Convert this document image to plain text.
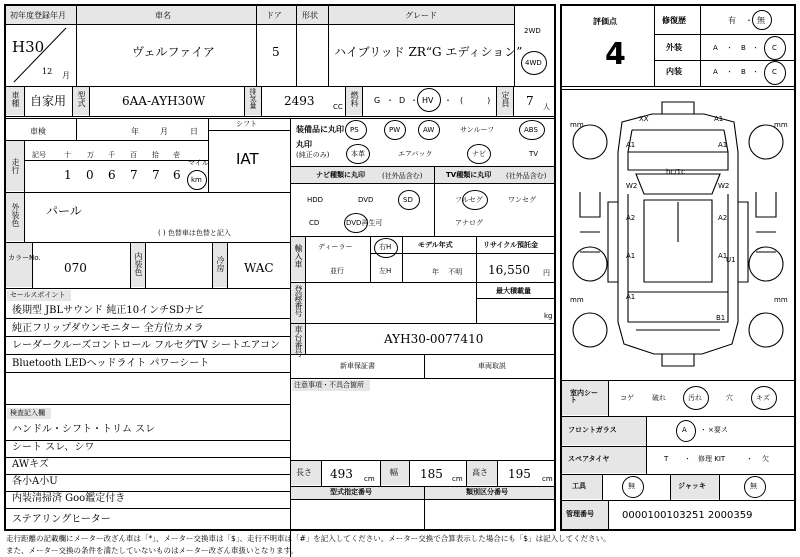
初年度登録年月	車名	ドア	形状	グレード
H30
12 月
ヴェルファイア	5	ハイブリッド ZR“G エディション”
2WD
4WD
車種 自家用 型式	6AA-AYH30W	排気量 2493	CC 燃料 G ・ D ・ HV ・　(　　　) 定員 7 人
車検	年	月	日
シフト
IAT
走行
記号	十 万 千 百 拾 壱
マイル
1 0 6 7 7 6 km
外装色 パール
( ) 色替車は色替と記入
カラーNo.
070	内装色	冷房 WAC
セールスポイント
後期型 JBLサウンド 純正10インチSDナビ
純正フリップダウンモニター 全方位カメラ
レーダークルーズコントロール フルセグTV シートエアコン
Bluetooth LEDヘッドライト パワーシート
検査記入欄
ハンドル・シフト・トリム スレ
シート スレ、シワ
AWキズ
各小A小U
内装清掃済 Goo鑑定付き
ステアリングヒーター
装備品に丸印
丸印
(純正のみ)
PS	PW	AW	サンルーフ	ABS
本革	エアバック	ナビ	TV
ナビ種類に丸印 (社外品含む)	TV種類に丸印 (社外品含む)
HDD	DVD	SD
CD	DVD再生可
フルセグ	ワンセグ
アナログ
輸入車 ディーラー
並行
右H
左H
モデル年式
年　 不明
リサイクル預託金
16,550 円
登録番号	最大積載量
kg
車台番号	AYH30-0077410
新車保証書	車両取説
注意事項・不具合箇所
長さ 493 cm
幅 185 cm
高さ 195 cm
型式指定番号	類別区分番号
評価点
4
修復歴	有 ・ 無
外装	A ・ B ・ C
内装	A ・ B ・ C
mm	mm
mm	mm
XX	A1
A1	A1
W2	W2
A2	A2
hc/1c
A1	A1
A1
U1
B1
室内シート	コゲ	破れ	汚れ	穴	キズ
フロントガラス	A ・ ×要ス
スペアタイヤ	T ・ 修理 KIT	・ 欠
工具	無	ジャッキ	無
管理番号	0000100103251 2000359
走行距離の記載欄にメーター改ざん車は「*」、メーター交換車は「$」、走行不明車は「#」を記入してください。メーター交換で合算表示した場合にも「$」は記入してください。
また、メーター交換の条件を満たしていないものはメーター改ざん車扱いとなります。
